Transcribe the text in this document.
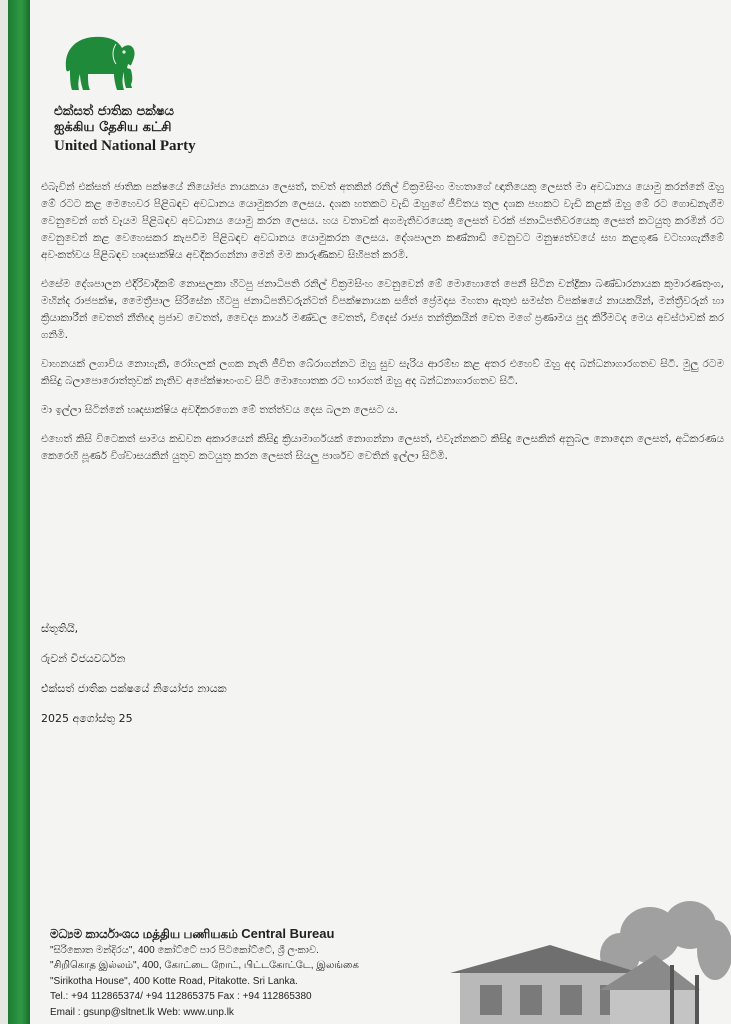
එක්සත් ජාතික පක්ෂය
ஐக்கிய தேசிய கட்சி
United National Party

එබැවින් එක්සත් ජාතික පක්ෂයේ නියෝජ්‍ය නායකයා ලෙසත්, තවත් අතකින් රනිල් වික්‍රමසිංහ මහතාගේ ඥාතියෙකු ලෙසත් මා අවධානය යොමු කරන්නේ ඔහු මේ රටට කළ මෙහෙවර පිළිබඳව අවධානය යොමුකරන ලෙසය. දශක හතකට වැඩි ඔහුගේ ජීවිතය තුල දශක පහකට වැඩි කළක් ඔහු මේ රට ගොඩනැගීම වෙනුවෙන් ගත් වෑයම පිළිබඳව අවධානය යොමු කරන ලෙසය. හය වතාවක් අගමැතිවරයෙකු ලෙසත් වරක් ජනාධිපතිවරයෙකු ලෙසත් කටයුතු කරමින් රට වෙනුවෙන් කළ වෙහෙසකර කැපවීම පිළිබඳව අවධානය යොමුකරන ලෙසය. දේශපාලන කණ්නාඩි වෙනුවට මනුෂ්‍යත්වයේ සහ කළගුණ වටහාගැනීමේ අවංකත්වය පිළිබඳව හෘදසාක්ෂිය අවදිකරගන්නා මෙන් මම කාරුණිකව සිහිපත් කරමි.

එසේම දේශපාලන එදිරිවාදිකම් නොසලකා හිටපු ජනාධිපති රනිල් වික්‍රමසිංහ වෙනුවෙන් මේ මොහොතේ පෙනී සිටින චන්ද්‍රිකා බණ්ඩාරනායක කුමාරණතුංග, මහින්ද රාජපක්ෂ, මෛත්‍රීපාල සිරිසේන හිටපු ජනාධිපතිවරුන්ටත් විපක්ෂනායක සජිත් ප්‍රේමදාස මහතා ඇතුළු සමස්ත විපක්ෂයේ නායකයින්, මන්ත්‍රීවරුන් හා ක්‍රියාකාරීන් වෙතත් නීතිඥ ප්‍රජාව වෙතත්, වෛද්‍ය කාර්ය මණ්ඩල වෙතත්, විදෙස් රාජ්‍ය තන්ත්‍රිකයින් වෙත මගේ ප්‍රණාමය පුද කිරීමටද මෙය අවස්ථාවක් කර ගනිමි.

වාහනයක් ලගාවිය නොහැකි, රෝහලක් ලගක නැති ජීවිත බේරාගන්නට ඔහු සුව සැරිය ආරම්භ කළ අතර එහෙව් ඔහු අද බන්ධනාගාරගතව සිටී. මුලු රටම කිසිදු බලාපොරොත්තුවක් නැතිව අපේක්ෂාභංගව සිටි මොහොතක රට භාරගත් ඔහු අද බන්ධනාගාරගතව සිටී.

මා ඉල්ලා සිටින්නේ හෘදසාක්ෂිය අවදිකරගෙන මේ තත්ත්වය දෙස බලන ලෙසට ය.

එහෙත් කිසි විටෙකත් සාමය කඩවන අකාරයෙන් කිසිදු ක්‍රියාමාර්ගයක් නොගන්නා ලෙසත්, එවැන්නකට කිසිදු ලෙසකින් අනුබල නොදෙන ලෙසත්, අධිකරණය කෙරෙහි පූර්ණ විශ්වාසයකින් යුතුව කටයුතු කරන ලෙසත් සියලු පාර්ශව වෙතින් ඉල්ලා සිටිමි.

ස්තූතියි,
රුවන් විජයවර්ධන
එක්සත් ජාතික පක්ෂයේ නියෝජ්‍ය නායක
2025 අගෝස්තු 25
මධ්‍යම කාර්යාංශය மத்திய பணியகம் Central Bureau
"සිරිකොත මන්දිරය", 400 කෝට්ටේ පාර පිටකෝට්ටේ, ශ්‍රී ලංකාව.
"சிறிகொத இல்லம்", 400, கோட்டை றோட், பிட்டகோட்டே, இலங்கை
"Sirikotha House", 400 Kotte Road, Pitakotte. Sri Lanka.
Tel.: +94 112865374/ +94 112865375 Fax : +94 112865380
Email : gsunp@sltnet.lk Web: www.unp.lk
